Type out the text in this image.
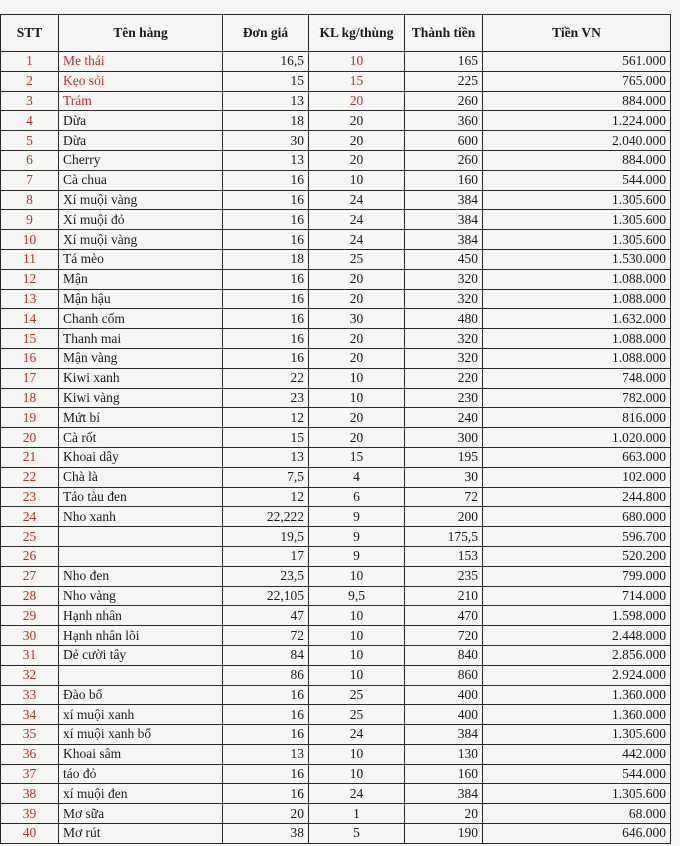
STT	Tên hàng	Đơn giá	KL kg/thùng	Thành tiền	Tiền VN
1	Me thái	16,5	10	165	561.000
2	Kẹo sỏi	15	15	225	765.000
3	Trám	13	20	260	884.000
4	Dừa	18	20	360	1.224.000
5	Dừa	30	20	600	2.040.000
6	Cherry	13	20	260	884.000
7	Cà chua	16	10	160	544.000
8	Xí muội vàng	16	24	384	1.305.600
9	Xí muội đỏ	16	24	384	1.305.600
10	Xí muội vàng	16	24	384	1.305.600
11	Tá mèo	18	25	450	1.530.000
12	Mận	16	20	320	1.088.000
13	Mận hậu	16	20	320	1.088.000
14	Chanh cốm	16	30	480	1.632.000
15	Thanh mai	16	20	320	1.088.000
16	Mận vàng	16	20	320	1.088.000
17	Kiwi xanh	22	10	220	748.000
18	Kiwi vàng	23	10	230	782.000
19	Mứt bí	12	20	240	816.000
20	Cà rốt	15	20	300	1.020.000
21	Khoai dây	13	15	195	663.000
22	Chà là	7,5	4	30	102.000
23	Táo tàu đen	12	6	72	244.800
24	Nho xanh	22,222	9	200	680.000
25		19,5	9	175,5	596.700
26		17	9	153	520.200
27	Nho đen	23,5	10	235	799.000
28	Nho vàng	22,105	9,5	210	714.000
29	Hạnh nhân	47	10	470	1.598.000
30	Hạnh nhân lõi	72	10	720	2.448.000
31	Dẻ cười tây	84	10	840	2.856.000
32		86	10	860	2.924.000
33	Đào bổ	16	25	400	1.360.000
34	xí muội xanh	16	25	400	1.360.000
35	xí muội xanh bổ	16	24	384	1.305.600
36	Khoai sâm	13	10	130	442.000
37	táo đỏ	16	10	160	544.000
38	xí muội đen	16	24	384	1.305.600
39	Mơ sữa	20	1	20	68.000
40	Mơ rút	38	5	190	646.000
